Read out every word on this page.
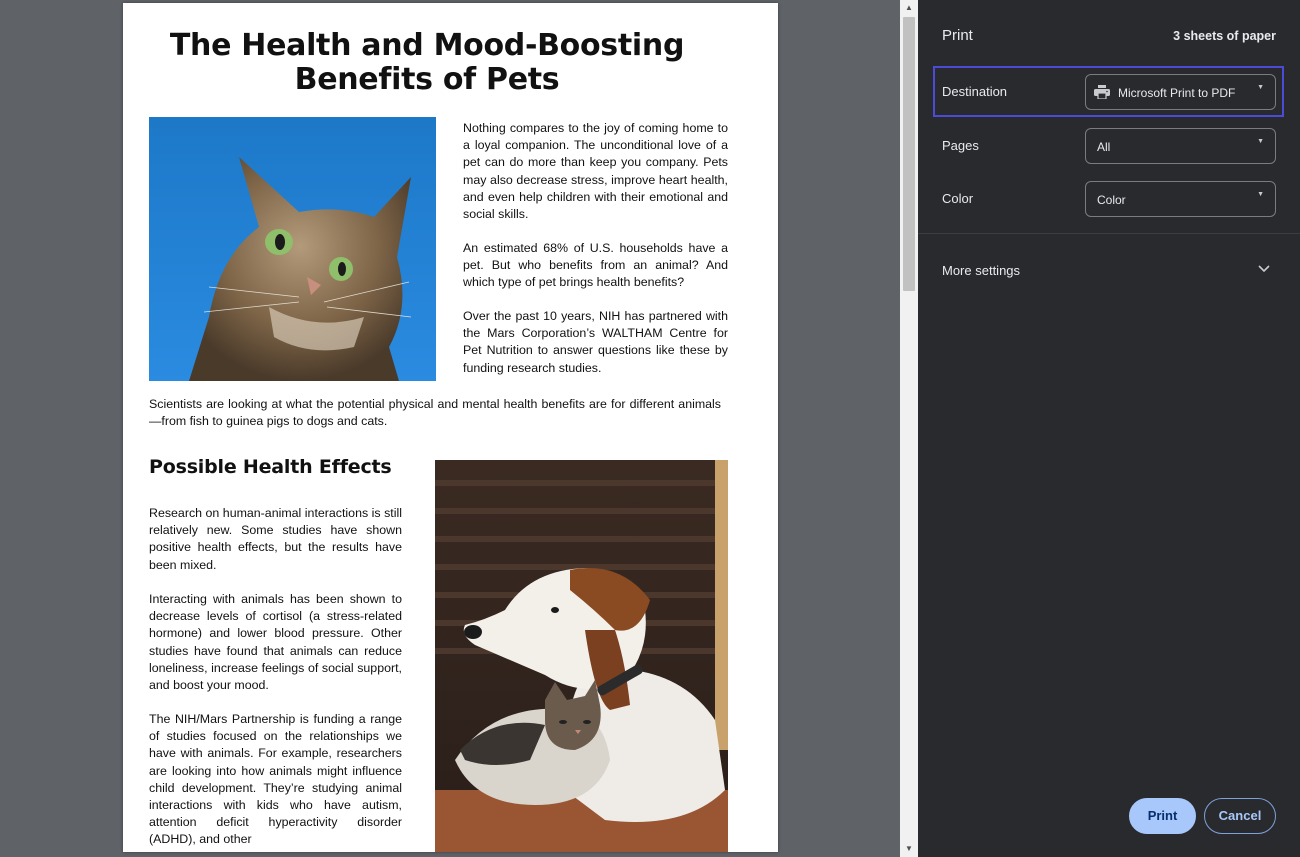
The Health and Mood-Boosting
Benefits of Pets
Nothing compares to the joy of coming home to a loyal companion. The unconditional love of a pet can do more than keep you company. Pets may also decrease stress, improve heart health, and even help children with their emotional and social skills.
An estimated 68% of U.S. households have a pet. But who benefits from an animal? And which type of pet brings health benefits?
Over the past 10 years, NIH has partnered with the Mars Corporation’s WALTHAM Centre for Pet Nutrition to answer questions like these by funding research studies.
Scientists are looking at what the potential physical and mental health benefits are for different animals—from fish to guinea pigs to dogs and cats.
Possible Health Effects
Research on human-animal interactions is still relatively new. Some studies have shown positive health effects, but the results have been mixed.
Interacting with animals has been shown to decrease levels of cortisol (a stress-related hormone) and lower blood pressure. Other studies have found that animals can reduce loneliness, increase feelings of social support, and boost your mood.
The NIH/Mars Partnership is funding a range of studies focused on the relationships we have with animals. For example, researchers are looking into how animals might influence child development. They’re studying animal interactions with kids who have autism, attention deficit hyperactivity disorder (ADHD), and other
▲
▼
Print	3 sheets of paper
Destination	Microsoft Print to PDF	▼
Pages	All	▼
Color	Color	▼
More settings
Print	Cancel
